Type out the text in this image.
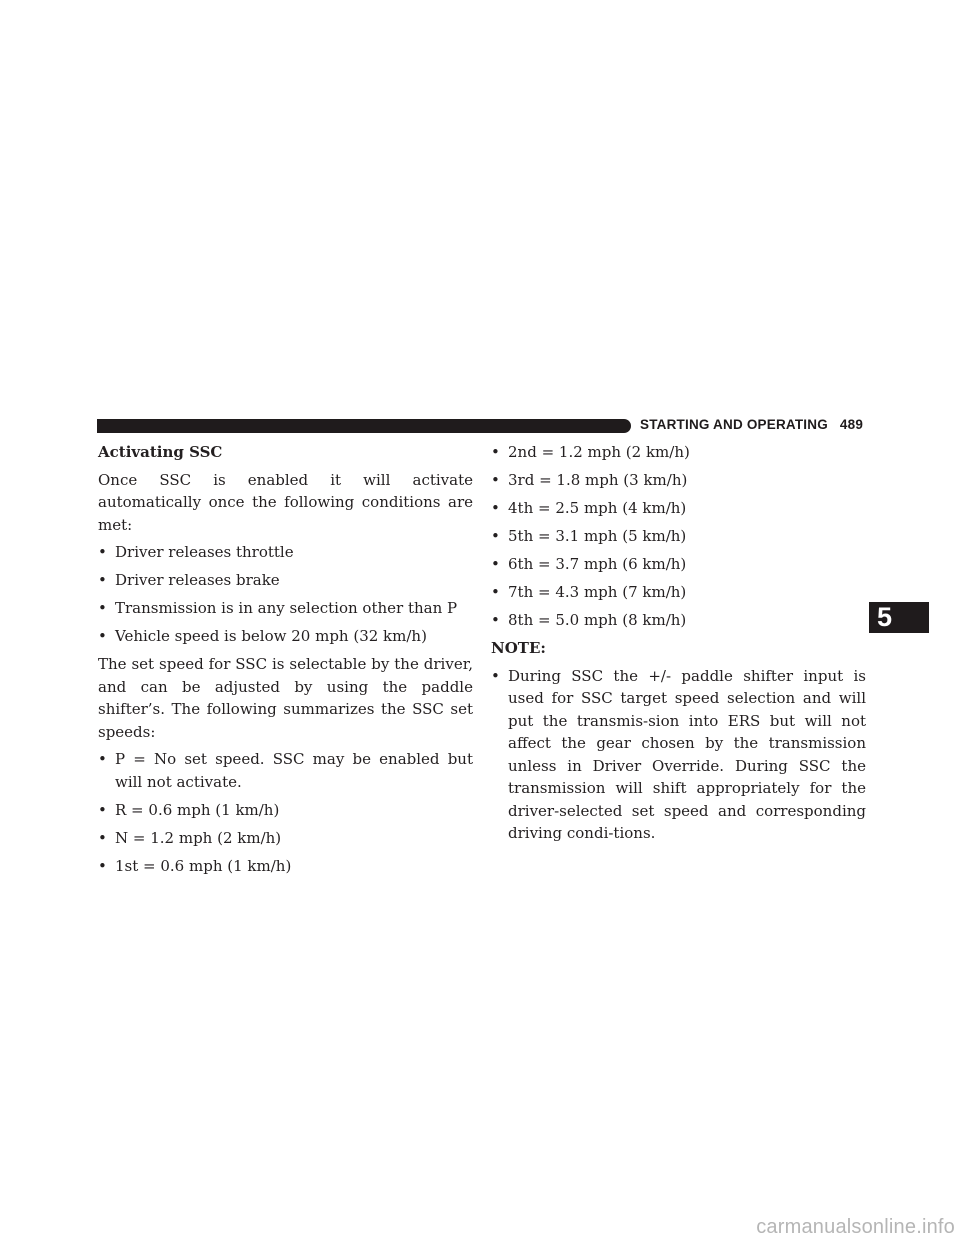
STARTING AND OPERATING 489
Activating SSC

Once SSC is enabled it will activate automatically once the following conditions are met:

• Driver releases throttle
• Driver releases brake
• Transmission is in any selection other than P
• Vehicle speed is below 20 mph (32 km/h)

The set speed for SSC is selectable by the driver, and can be adjusted by using the paddle shifter’s. The following summarizes the SSC set speeds:

• P = No set speed. SSC may be enabled but will not activate.
• R = 0.6 mph (1 km/h)
• N = 1.2 mph (2 km/h)
• 1st = 0.6 mph (1 km/h)
• 2nd = 1.2 mph (2 km/h)
• 3rd = 1.8 mph (3 km/h)
• 4th = 2.5 mph (4 km/h)
• 5th = 3.1 mph (5 km/h)
• 6th = 3.7 mph (6 km/h)
• 7th = 4.3 mph (7 km/h)
• 8th = 5.0 mph (8 km/h)
NOTE:
• During SSC the +/- paddle shifter input is used for SSC target speed selection and will put the transmis-sion into ERS but will not affect the gear chosen by the transmission unless in Driver Override. During SSC the transmission will shift appropriately for the driver-selected set speed and corresponding driving condi-tions.
5
carmanualsonline.info
